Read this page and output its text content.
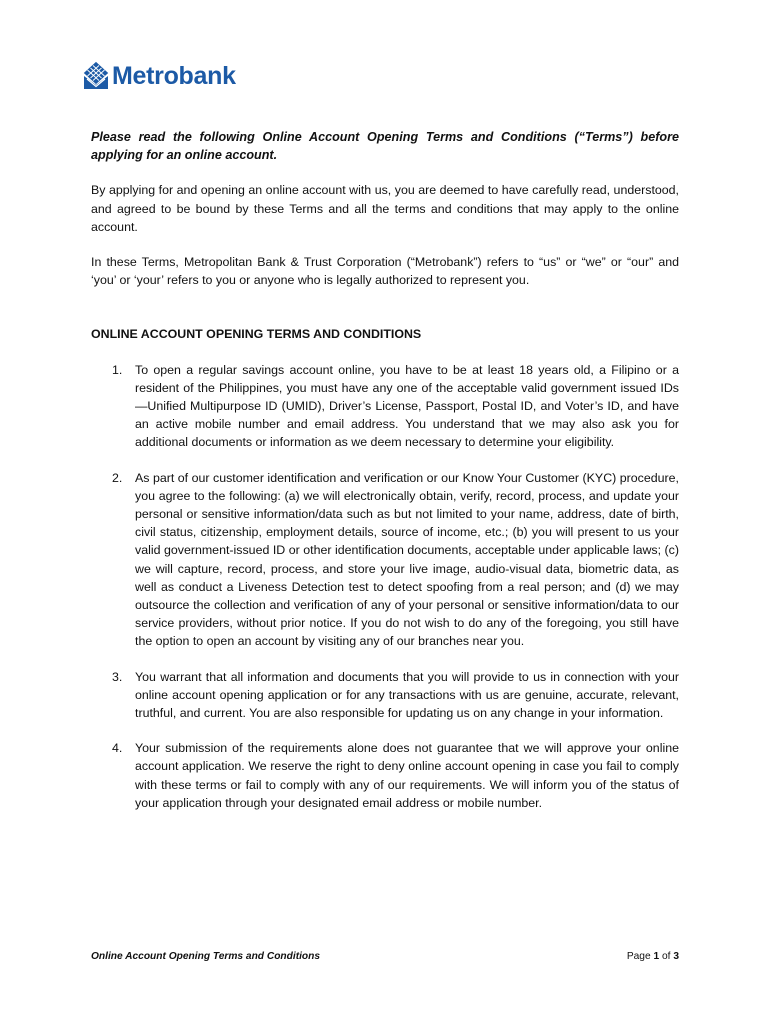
Metrobank

Please read the following Online Account Opening Terms and Conditions (“Terms”) before applying for an online account.

By applying for and opening an online account with us, you are deemed to have carefully read, understood, and agreed to be bound by these Terms and all the terms and conditions that may apply to the online account.

In these Terms, Metropolitan Bank & Trust Corporation (“Metrobank”) refers to “us” or “we” or “our” and ‘you’ or ‘your’ refers to you or anyone who is legally authorized to represent you.

ONLINE ACCOUNT OPENING TERMS AND CONDITIONS
1. To open a regular savings account online, you have to be at least 18 years old, a Filipino or a resident of the Philippines, you must have any one of the acceptable valid government issued IDs—Unified Multipurpose ID (UMID), Driver’s License, Passport, Postal ID, and Voter’s ID, and have an active mobile number and email address. You understand that we may also ask you for additional documents or information as we deem necessary to determine your eligibility.
2. As part of our customer identification and verification or our Know Your Customer (KYC) procedure, you agree to the following: (a) we will electronically obtain, verify, record, process, and update your personal or sensitive information/data such as but not limited to your name, address, date of birth, civil status, citizenship, employment details, source of income, etc.; (b) you will present to us your valid government-issued ID or other identification documents, acceptable under applicable laws; (c) we will capture, record, process, and store your live image, audio-visual data, biometric data, as well as conduct a Liveness Detection test to detect spoofing from a real person; and (d) we may outsource the collection and verification of any of your personal or sensitive information/data to our service providers, without prior notice. If you do not wish to do any of the foregoing, you still have the option to open an account by visiting any of our branches near you.
3. You warrant that all information and documents that you will provide to us in connection with your online account opening application or for any transactions with us are genuine, accurate, relevant, truthful, and current. You are also responsible for updating us on any change in your information.
4. Your submission of the requirements alone does not guarantee that we will approve your online account application. We reserve the right to deny online account opening in case you fail to comply with these terms or fail to comply with any of our requirements. We will inform you of the status of your application through your designated email address or mobile number.
Online Account Opening Terms and Conditions	Page 1 of 3
